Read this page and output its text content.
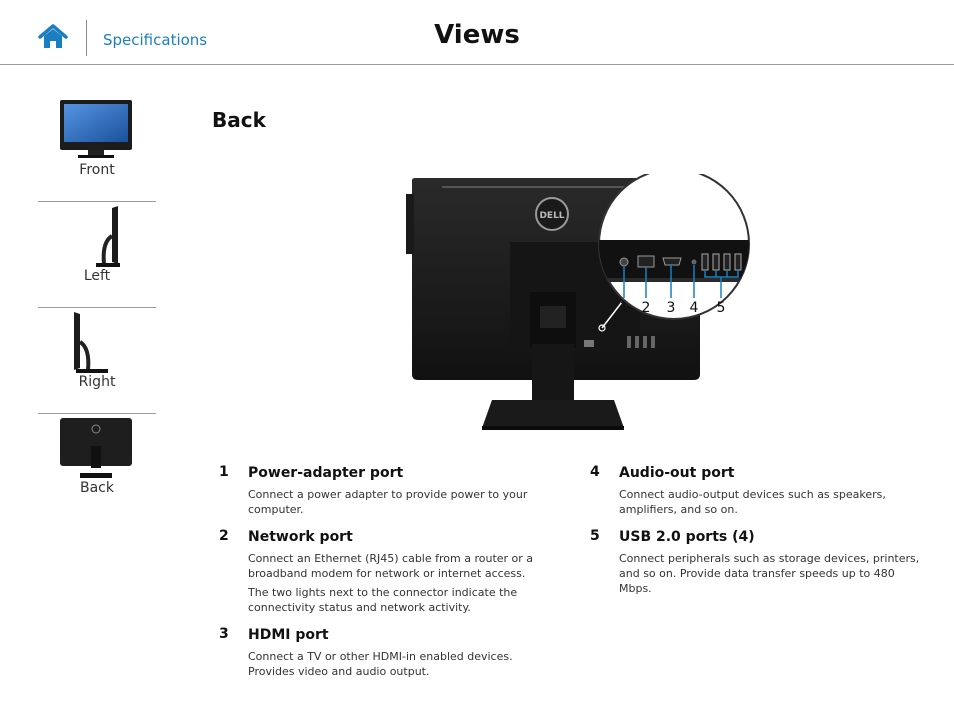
Specifications	Views
Front
Left
Right
Back
Back
DELL
1 2 3 4 5
1 Power-adapter port
Connect a power adapter to provide power to your computer.
2 Network port
Connect an Ethernet (RJ45) cable from a router or a broadband modem for network or internet access.
The two lights next to the connector indicate the connectivity status and network activity.
3 HDMI port
Connect a TV or other HDMI-in enabled devices. Provides video and audio output.
4 Audio-out port
Connect audio-output devices such as speakers, amplifiers, and so on.
5 USB 2.0 ports (4)
Connect peripherals such as storage devices, printers, and so on. Provide data transfer speeds up to 480 Mbps.
